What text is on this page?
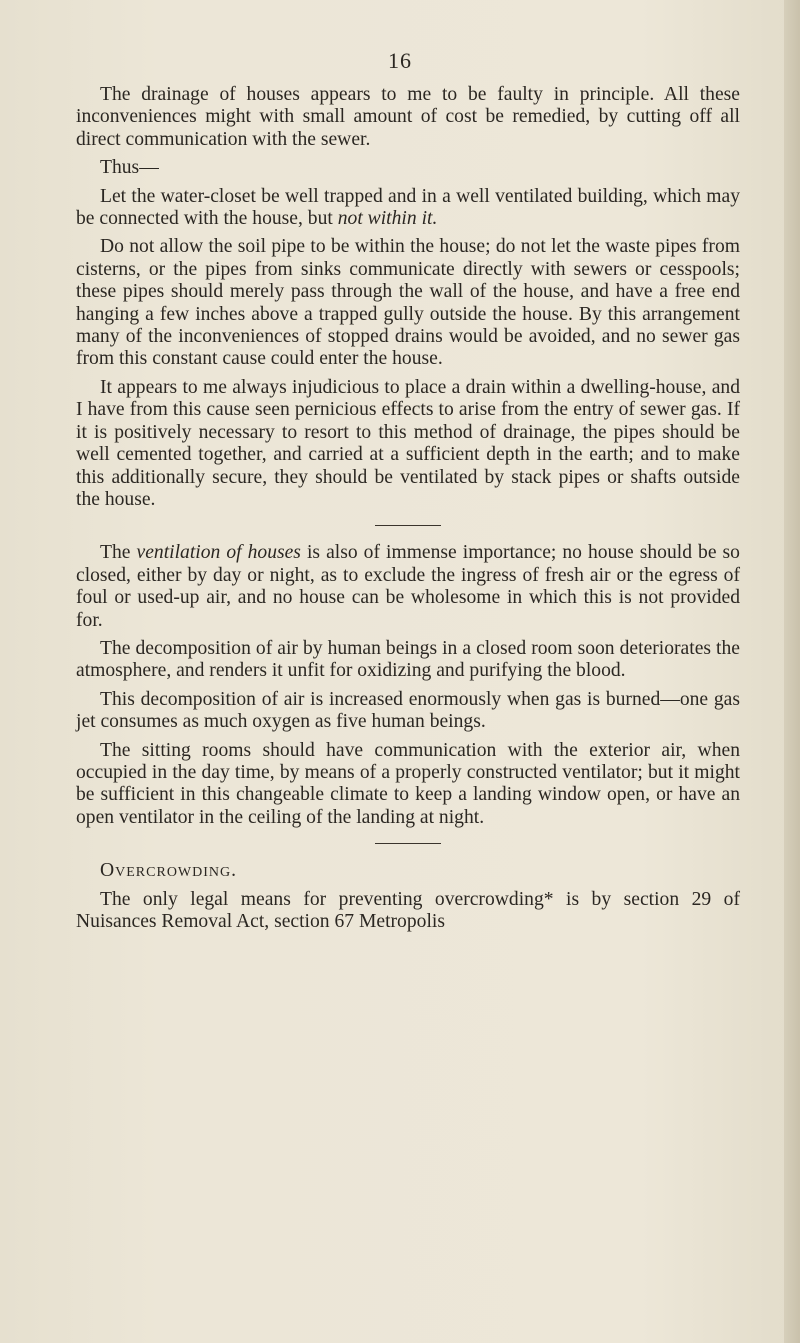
16

The drainage of houses appears to me to be faulty in principle. All these inconveniences might with small amount of cost be remedied, by cutting off all direct communication with the sewer.

Thus—

Let the water-closet be well trapped and in a well ventilated building, which may be connected with the house, but not within it.

Do not allow the soil pipe to be within the house; do not let the waste pipes from cisterns, or the pipes from sinks communicate directly with sewers or cesspools; these pipes should merely pass through the wall of the house, and have a free end hanging a few inches above a trapped gully outside the house. By this arrangement many of the inconveniences of stopped drains would be avoided, and no sewer gas from this constant cause could enter the house.

It appears to me always injudicious to place a drain within a dwelling-house, and I have from this cause seen pernicious effects to arise from the entry of sewer gas. If it is positively necessary to resort to this method of drainage, the pipes should be well cemented together, and carried at a sufficient depth in the earth; and to make this additionally secure, they should be ventilated by stack pipes or shafts outside the house.

The ventilation of houses is also of immense importance; no house should be so closed, either by day or night, as to exclude the ingress of fresh air or the egress of foul or used-up air, and no house can be wholesome in which this is not provided for.

The decomposition of air by human beings in a closed room soon deteriorates the atmosphere, and renders it unfit for oxidizing and purifying the blood.

This decomposition of air is increased enormously when gas is burned—one gas jet consumes as much oxygen as five human beings.

The sitting rooms should have communication with the exterior air, when occupied in the day time, by means of a properly constructed ventilator; but it might be sufficient in this changeable climate to keep a landing window open, or have an open ventilator in the ceiling of the landing at night.

Overcrowding.

The only legal means for preventing overcrowding* is by section 29 of Nuisances Removal Act, section 67 Metropolis
